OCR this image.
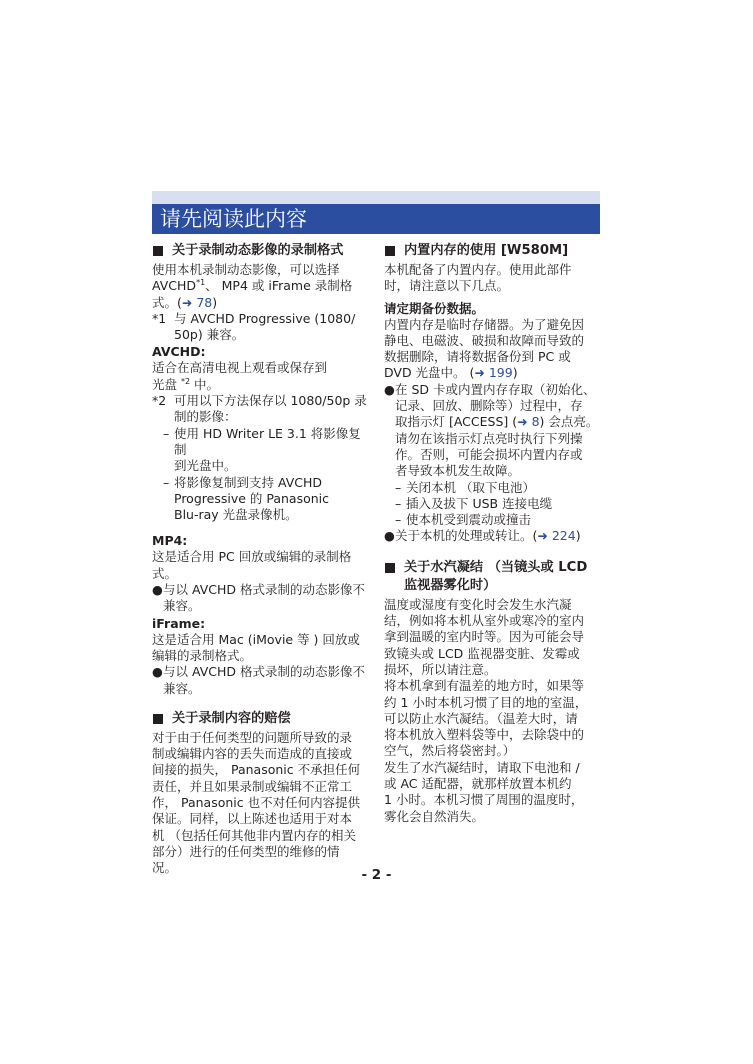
请先阅读此内容
关于录制动态影像的录制格式
使用本机录制动态影像，可以选择
AVCHD$^{*1}$、 MP4 或 iFrame 录制格
式。(➜ 78)
*1 与 AVCHD Progressive (1080/
50p) 兼容。
AVCHD:
适合在高清电视上观看或保存到
光盘 $^{*2}$ 中。
*2 可用以下方法保存以 1080/50p 录
制的影像：
– 使用 HD Writer LE 3.1 将影像复制
到光盘中。
– 将影像复制到支持 AVCHD
Progressive 的 Panasonic
Blu-ray 光盘录像机。
MP4:
这是适合用 PC 回放或编辑的录制格
式。
● 与以 AVCHD 格式录制的动态影像不
兼容。
iFrame:
这是适合用 Mac (iMovie 等 ) 回放或
编辑的录制格式。
● 与以 AVCHD 格式录制的动态影像不
兼容。
关于录制内容的赔偿
对于由于任何类型的问题所导致的录
制或编辑内容的丢失而造成的直接或
间接的损失， Panasonic 不承担任何
责任，并且如果录制或编辑不正常工
作， Panasonic 也不对任何内容提供
保证。同样，以上陈述也适用于对本
机 （包括任何其他非内置内存的相关
部分）进行的任何类型的维修的情
况。
内置内存的使用 [W580M]
本机配备了内置内存。使用此部件
时，请注意以下几点。
请定期备份数据。
内置内存是临时存储器。为了避免因
静电、电磁波、破损和故障而导致的
数据删除，请将数据备份到 PC 或
DVD 光盘中。 (➜ 199)
● 在 SD 卡或内置内存存取（初始化、
记录、回放、删除等）过程中，存
取指示灯 [ACCESS] (➜ 8) 会点亮。
请勿在该指示灯点亮时执行下列操
作。否则，可能会损坏内置内存或
者导致本机发生故障。
– 关闭本机 （取下电池）
– 插入及拔下 USB 连接电缆
– 使本机受到震动或撞击
● 关于本机的处理或转让。(➜ 224)
关于水汽凝结 （当镜头或 LCD
监视器雾化时）
温度或湿度有变化时会发生水汽凝
结，例如将本机从室外或寒冷的室内
拿到温暖的室内时等。因为可能会导
致镜头或 LCD 监视器变脏、发霉或
损坏，所以请注意。
将本机拿到有温差的地方时，如果等
约 1 小时本机习惯了目的地的室温，
可以防止水汽凝结。（温差大时，请
将本机放入塑料袋等中，去除袋中的
空气，然后将袋密封。）
发生了水汽凝结时，请取下电池和 /
或 AC 适配器，就那样放置本机约
1 小时。本机习惯了周围的温度时，
雾化会自然消失。
- 2 -
